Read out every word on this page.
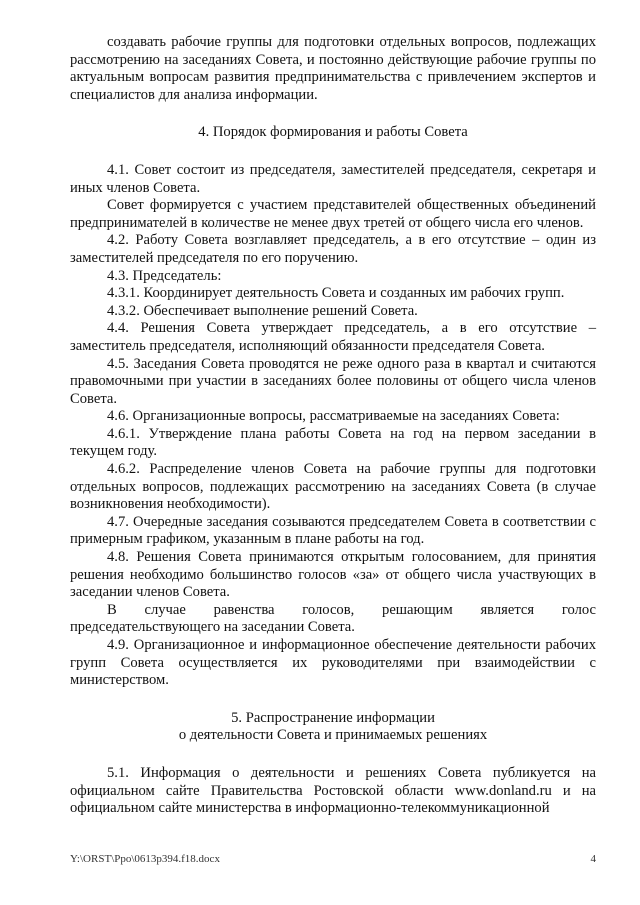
создавать рабочие группы для подготовки отдельных вопросов, подлежащих рассмотрению на заседаниях Совета, и постоянно действующие рабочие группы по актуальным вопросам развития предпринимательства с привлечением экспертов и специалистов для анализа информации.

4. Порядок формирования и работы Совета

4.1. Совет состоит из председателя, заместителей председателя, секретаря и иных членов Совета.

Совет формируется с участием представителей общественных объединений предпринимателей в количестве не менее двух третей от общего числа его членов.

4.2. Работу Совета возглавляет председатель, а в его отсутствие – один из заместителей председателя по его поручению.

4.3. Председатель:

4.3.1. Координирует деятельность Совета и созданных им рабочих групп.

4.3.2. Обеспечивает выполнение решений Совета.

4.4. Решения Совета утверждает председатель, а в его отсутствие – заместитель председателя, исполняющий обязанности председателя Совета.

4.5. Заседания Совета проводятся не реже одного раза в квартал и считаются правомочными при участии в заседаниях более половины от общего числа членов Совета.

4.6. Организационные вопросы, рассматриваемые на заседаниях Совета:

4.6.1. Утверждение плана работы Совета на год на первом заседании в текущем году.

4.6.2. Распределение членов Совета на рабочие группы для подготовки отдельных вопросов, подлежащих рассмотрению на заседаниях Совета (в случае возникновения необходимости).

4.7. Очередные заседания созываются председателем Совета в соответствии с примерным графиком, указанным в плане работы на год.

4.8. Решения Совета принимаются открытым голосованием, для принятия решения необходимо большинство голосов «за» от общего числа участвующих в заседании членов Совета.

В случае равенства голосов, решающим является голос председательствующего на заседании Совета.

4.9. Организационное и информационное обеспечение деятельности рабочих групп Совета осуществляется их руководителями при взаимодействии с министерством.

5. Распространение информации

о деятельности Совета и принимаемых решениях

5.1. Информация о деятельности и решениях Совета публикуется на официальном сайте Правительства Ростовской области www.donland.ru и на официальном сайте министерства в информационно-телекоммуникационной

Y:\ORST\Ppo\0613p394.f18.docx	4
